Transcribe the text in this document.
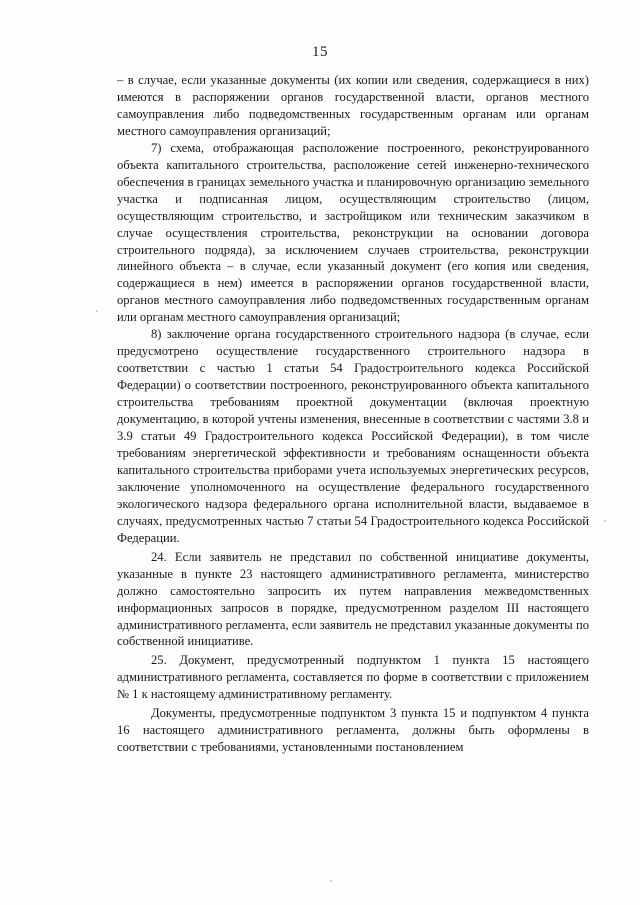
15

– в случае, если указанные документы (их копии или сведения, содержащиеся в них) имеются в распоряжении органов государственной власти, органов местного самоуправления либо подведомственных государственным органам или органам местного самоуправления организаций;

7) схема, отображающая расположение построенного, реконструированного объекта капитального строительства, расположение сетей инженерно-технического обеспечения в границах земельного участка и планировочную организацию земельного участка и подписанная лицом, осуществляющим строительство (лицом, осуществляющим строительство, и застройщиком или техническим заказчиком в случае осуществления строительства, реконструкции на основании договора строительного подряда), за исключением случаев строительства, реконструкции линейного объекта – в случае, если указанный документ (его копия или сведения, содержащиеся в нем) имеется в распоряжении органов государственной власти, органов местного самоуправления либо подведомственных государственным органам или органам местного самоуправления организаций;

8) заключение органа государственного строительного надзора (в случае, если предусмотрено осуществление государственного строительного надзора в соответствии с частью 1 статьи 54 Градостроительного кодекса Российской Федерации) о соответствии построенного, реконструированного объекта капитального строительства требованиям проектной документации (включая проектную документацию, в которой учтены изменения, внесенные в соответствии с частями 3.8 и 3.9 статьи 49 Градостроительного кодекса Российской Федерации), в том числе требованиям энергетической эффективности и требованиям оснащенности объекта капитального строительства приборами учета используемых энергетических ресурсов, заключение уполномоченного на осуществление федерального государственного экологического надзора федерального органа исполнительной власти, выдаваемое в случаях, предусмотренных частью 7 статьи 54 Градостроительного кодекса Российской Федерации.

24. Если заявитель не представил по собственной инициативе документы, указанные в пункте 23 настоящего административного регламента, министерство должно самостоятельно запросить их путем направления межведомственных информационных запросов в порядке, предусмотренном разделом III настоящего административного регламента, если заявитель не представил указанные документы по собственной инициативе.

25. Документ, предусмотренный подпунктом 1 пункта 15 настоящего административного регламента, составляется по форме в соответствии с приложением № 1 к настоящему административному регламенту.

Документы, предусмотренные подпунктом 3 пункта 15 и подпунктом 4 пункта 16 настоящего административного регламента, должны быть оформлены в соответствии с требованиями, установленными постановлением
